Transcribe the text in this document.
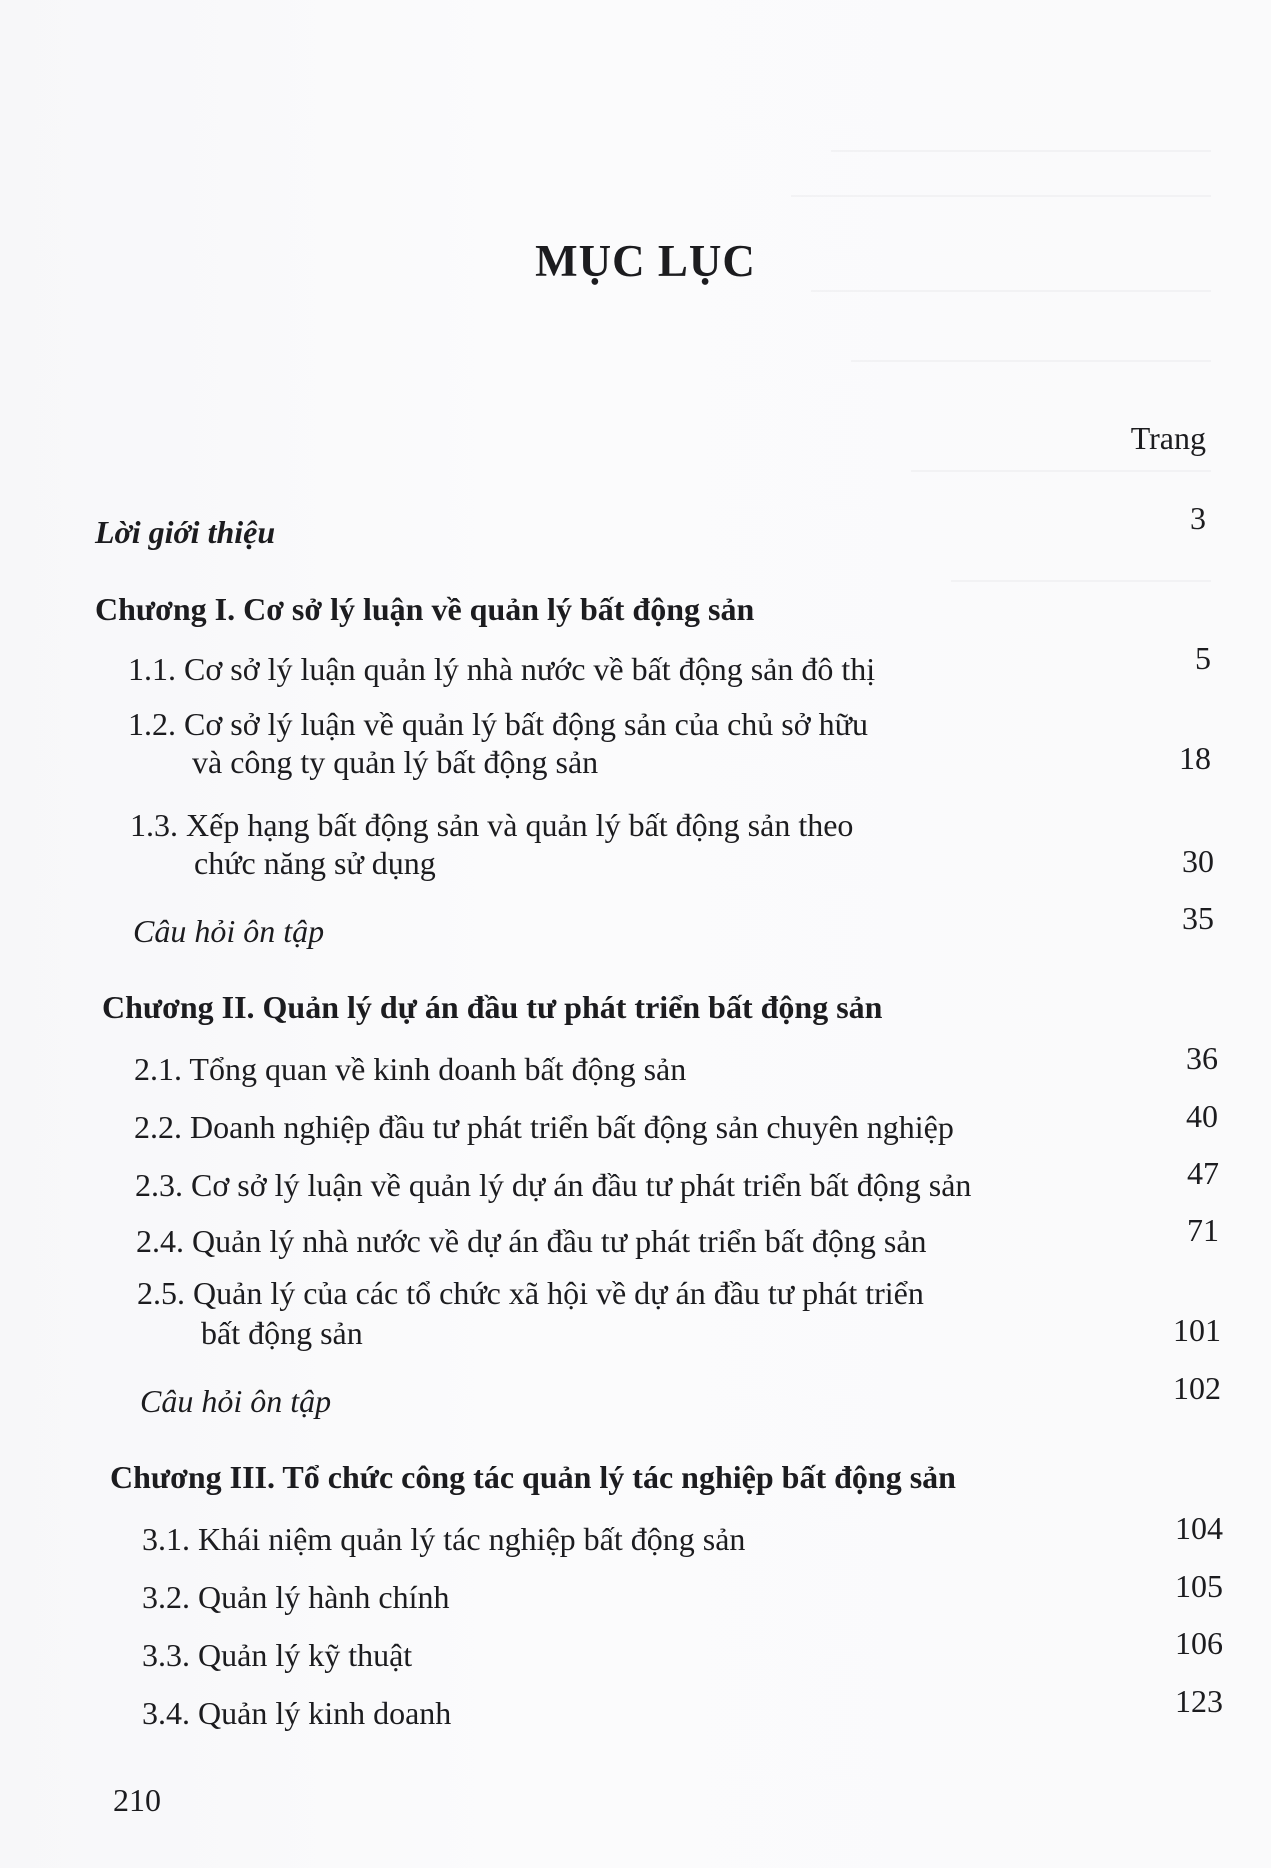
MỤC LỤC
Trang
Lời giới thiệu	3
Chương I. Cơ sở lý luận về quản lý bất động sản
1.1. Cơ sở lý luận quản lý nhà nước về bất động sản đô thị	5
1.2. Cơ sở lý luận về quản lý bất động sản của chủ sở hữu
và công ty quản lý bất động sản	18
1.3. Xếp hạng bất động sản và quản lý bất động sản theo
chức năng sử dụng	30
Câu hỏi ôn tập	35
Chương II. Quản lý dự án đầu tư phát triển bất động sản
2.1. Tổng quan về kinh doanh bất động sản	36
2.2. Doanh nghiệp đầu tư phát triển bất động sản chuyên nghiệp	40
2.3. Cơ sở lý luận về quản lý dự án đầu tư phát triển bất động sản	47
2.4. Quản lý nhà nước về dự án đầu tư phát triển bất động sản	71
2.5. Quản lý của các tổ chức xã hội về dự án đầu tư phát triển
bất động sản	101
Câu hỏi ôn tập	102
Chương III. Tổ chức công tác quản lý tác nghiệp bất động sản
3.1. Khái niệm quản lý tác nghiệp bất động sản	104
3.2. Quản lý hành chính	105
3.3. Quản lý kỹ thuật	106
3.4. Quản lý kinh doanh	123
210
